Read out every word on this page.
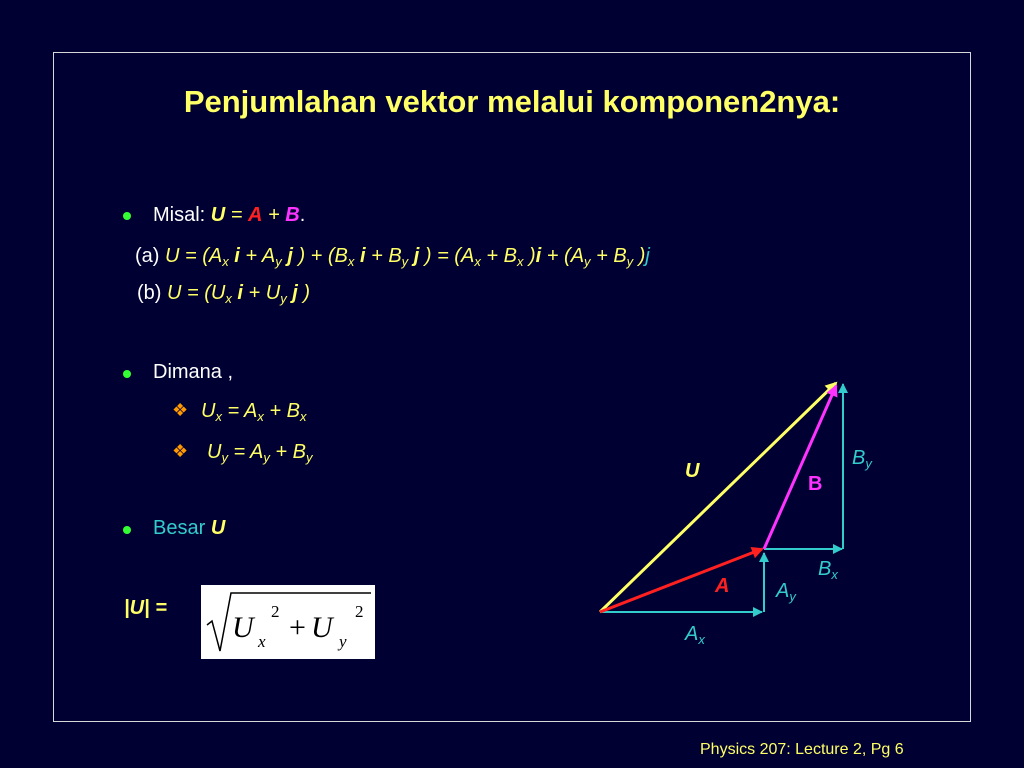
Penjumlahan vektor melalui komponen2nya:
Misal: U = A + B.
(a) $U = (A_x$ $i + A_y$ j ) + ($B_x$ $i + B_y$ j ) = ($A_x + B_x$ )$i + (A_y + B_y$ )j
(b) $U = (U_x$ $i + U_y$ j )
Dimana ,
❖ $U_x = A_x + B_x$
❖ $U_y = A_y + B_y$
Besar U
|U| =
U x
2 + U y
2
U
B
A
$B_y$
$B_x$
$A_y$
$A_x$
Physics 207: Lecture 2, Pg 6
